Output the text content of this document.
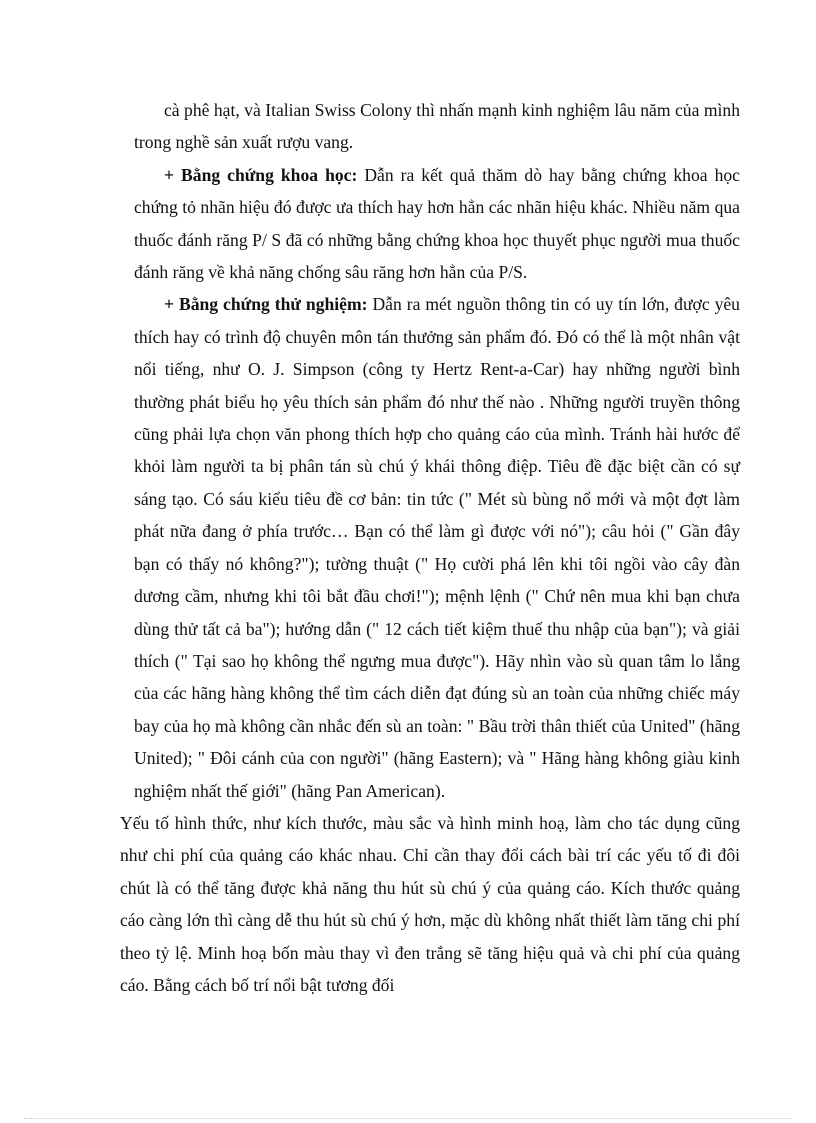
cà phê hạt, và Italian Swiss Colony thì nhấn mạnh kinh nghiệm lâu năm của mình trong nghề sản xuất rượu vang.

+ Bằng chứng khoa học: Dẫn ra kết quả thăm dò hay bằng chứng khoa học chứng tỏ nhãn hiệu đó được ưa thích hay hơn hẳn các nhãn hiệu khác. Nhiều năm qua thuốc đánh răng P/ S đã có những bằng chứng khoa học thuyết phục người mua thuốc đánh răng về khả năng chống sâu răng hơn hẳn của P/S.

+ Bằng chứng thử nghiệm: Dẫn ra mét nguồn thông tin có uy tín lớn, được yêu thích hay có trình độ chuyên môn tán thưởng sản phẩm đó. Đó có thể là một nhân vật nổi tiếng, như O. J. Simpson (công ty Hertz Rent-a-Car) hay những người bình thường phát biểu họ yêu thích sản phẩm đó như thế nào . Những người truyền thông cũng phải lựa chọn văn phong thích hợp cho quảng cáo của mình. Tránh hài hước để khỏi làm người ta bị phân tán sù chú ý khái thông điệp. Tiêu đề đặc biệt cần có sự sáng tạo. Có sáu kiểu tiêu đề cơ bản: tin tức (" Mét sù bùng nổ mới và một đợt làm phát nữa đang ở phía trước… Bạn có thể làm gì được với nó"); câu hỏi (" Gần đây bạn có thấy nó không?"); tường thuật (" Họ cười phá lên khi tôi ngồi vào cây đàn dương cầm, nhưng khi tôi bắt đầu chơi!"); mệnh lệnh (" Chứ nên mua khi bạn chưa dùng thử tất cả ba"); hướng dẫn (" 12 cách tiết kiệm thuế thu nhập của bạn"); và giải thích (" Tại sao họ không thể ngưng mua được"). Hãy nhìn vào sù quan tâm lo lắng của các hãng hàng không thể tìm cách diễn đạt đúng sù an toàn của những chiếc máy bay của họ mà không cần nhắc đến sù an toàn: " Bầu trời thân thiết của United" (hãng United); " Đôi cánh của con người" (hãng Eastern); và " Hãng hàng không giàu kinh nghiệm nhất thế giới" (hãng Pan American).

Yếu tố hình thức, như kích thước, màu sắc và hình minh hoạ, làm cho tác dụng cũng như chi phí của quảng cáo khác nhau. Chỉ cần thay đổi cách bài trí các yếu tố đi đôi chút là có thể tăng được khả năng thu hút sù chú ý của quảng cáo. Kích thước quảng cáo càng lớn thì càng dễ thu hút sù chú ý hơn, mặc dù không nhất thiết làm tăng chi phí theo tỷ lệ. Minh hoạ bốn màu thay vì đen trắng sẽ tăng hiệu quả và chi phí của quảng cáo. Bằng cách bố trí nổi bật tương đối
